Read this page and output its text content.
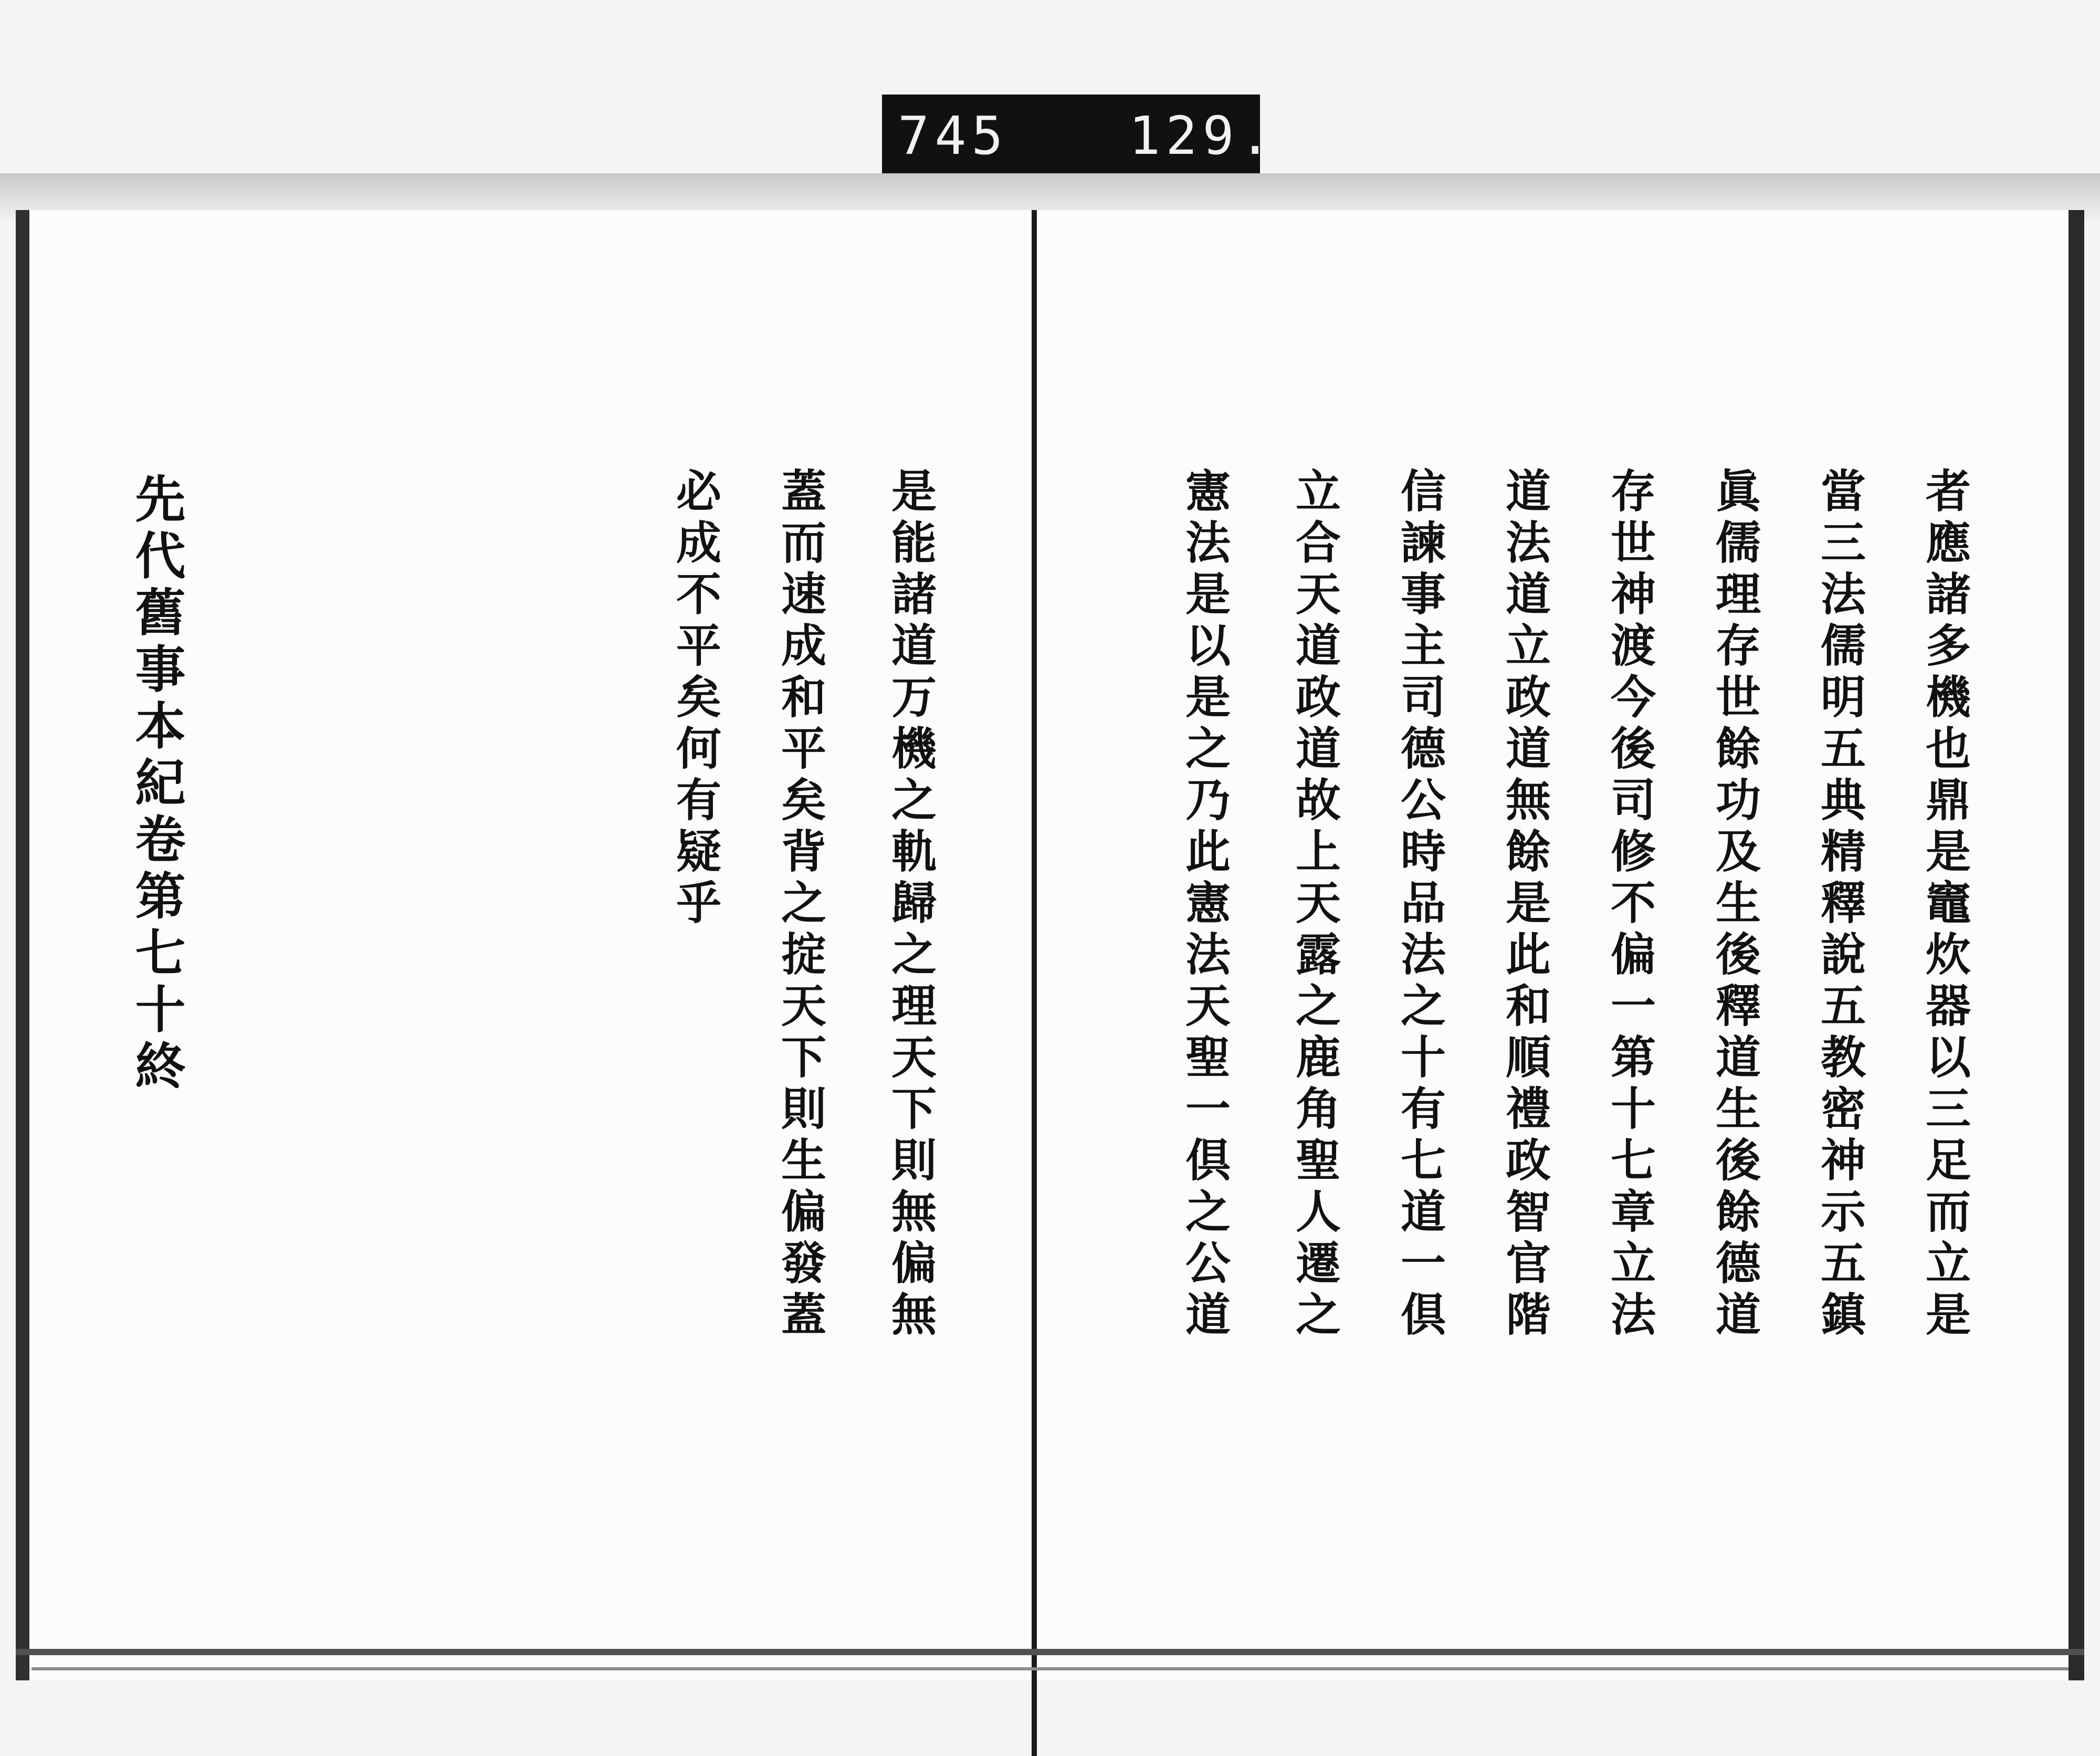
745 129.
者應諸多機也鼎是竈炊器以三足而立是
當三法儒明五典精釋說五教密神示五鎮
眞儒理存世餘功及生後釋道生後餘德道
存世神渡今後司修不偏一第十七章立法
道法道立政道無餘是此和順禮政智官階
信諫事主司德公時品法之十有七道一倶
立合天道政道故上天露之鹿角聖人遷之
憲法是以是之乃此憲法天聖一倶之公道
是能諸道万機之軌歸之理天下則無偏無
蓋而速成和平矣背之掟天下則生偏發蓋
必成不平矣何有疑乎
先代舊事本紀卷第七十終
